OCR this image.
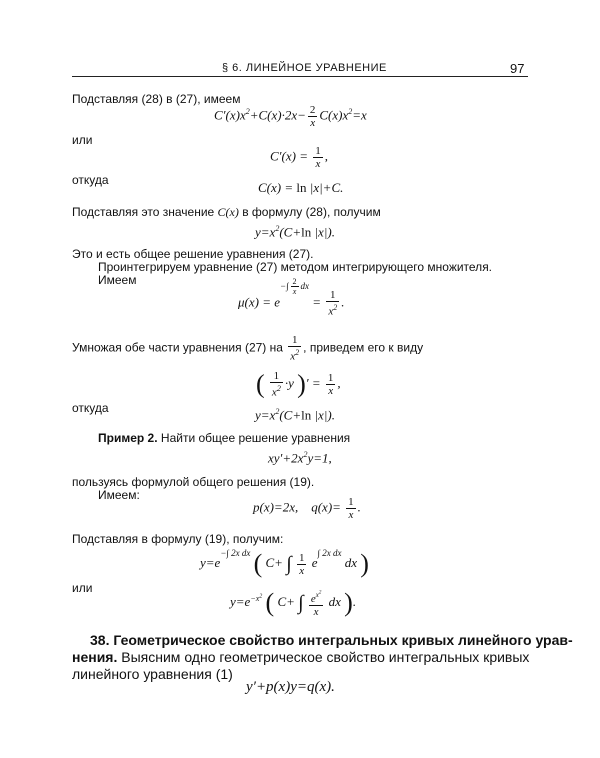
§ 6. ЛИНЕЙНОЕ УРАВНЕНИЕ	97
Подставляя (28) в (27), имеем
$C'(x)x^2+C(x)\cdot 2x- \frac{2}{x} C(x)x^2=x$
или
$C'(x) = \frac{1}{x}$ ,
откуда	C(x) = ln |x|+C.
Подставляя это значение C(x) в формулу (28), получим
$y=x^2(C+\ln$ |x|).
Это и есть общее решение уравнения (27).
Проинтегрируем уравнение (27) методом интегрирующего множителя.
Имеем
$\mu(x) = e^{-\int \frac{2}{x} dx} = \frac{1}{x^2}$ .
Умножая обе части уравнения (27) на $\frac{1}{x^2}$ , приведем его к виду
( $\frac{1}{x^2} \cdot y$ )′ = $\frac{1}{x}$ ,
откуда	$y=x^2(C+\ln$ |x|).
Пример 2. Найти общее решение уравнения
$xy'+2x^2y=1$,
пользуясь формулой общего решения (19).
Имеем:
p(x)=2x,    $q(x)= \frac{1}{x}$ .
Подставляя в формулу (19), получим:
$y=e^{-\int 2x dx}$ ( C+ ∫ $\frac{1}{x} e^{\int 2x dx}$ dx )
или
$y=e^{-x^2}$ ( C+ ∫ $\frac{e^{x^2}}{x}$ dx ).
38. Геометрическое свойство интегральных кривых линейного урав-
нения. Выясним одно геометрическое свойство интегральных кривых
линейного уравнения (1)
y′+p(x)y=q(x).
